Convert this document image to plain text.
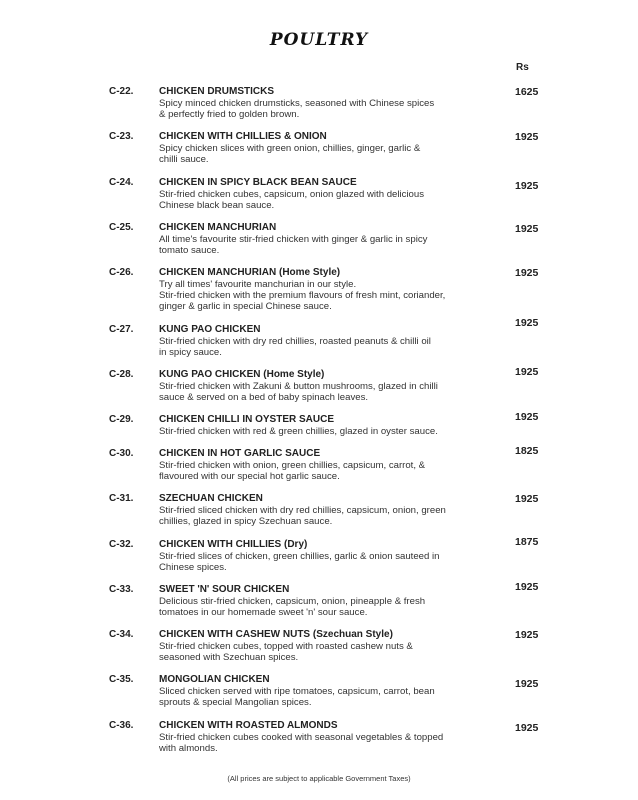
POULTRY
Rs
C-22.	CHICKEN DRUMSTICKS
Spicy minced chicken drumsticks, seasoned with Chinese spices
& perfectly fried to golden brown.
1625
C-23.	CHICKEN WITH CHILLIES & ONION
Spicy chicken slices with green onion, chillies, ginger, garlic &
chilli sauce.
1925
C-24.	CHICKEN IN SPICY BLACK BEAN SAUCE
Stir-fried chicken cubes, capsicum, onion glazed with delicious
Chinese black bean sauce.
1925
C-25.	CHICKEN MANCHURIAN
All time's favourite stir-fried chicken with ginger & garlic in spicy
tomato sauce.
1925
C-26.	CHICKEN MANCHURIAN (Home Style)
Try all times' favourite manchurian in our style.
Stir-fried chicken with the premium flavours of fresh mint, coriander,
ginger & garlic in special Chinese sauce.
1925
C-27.	KUNG PAO CHICKEN
Stir-fried chicken with dry red chillies, roasted peanuts & chilli oil
in spicy sauce.
1925
C-28.	KUNG PAO CHICKEN (Home Style)
Stir-fried chicken with Zakuni & button mushrooms, glazed in chilli
sauce & served on a bed of baby spinach leaves.
1925
C-29.	CHICKEN CHILLI IN OYSTER SAUCE
Stir-fried chicken with red & green chillies, glazed in oyster sauce.
1925
C-30.	CHICKEN IN HOT GARLIC SAUCE
Stir-fried chicken with onion, green chillies, capsicum, carrot, &
flavoured with our special hot garlic sauce.
1825
C-31.	SZECHUAN CHICKEN
Stir-fried sliced chicken with dry red chillies, capsicum, onion, green
chillies, glazed in spicy Szechuan sauce.
1925
C-32.	CHICKEN WITH CHILLIES (Dry)
Stir-fried slices of chicken, green chillies, garlic & onion sauteed in
Chinese spices.
1875
C-33.	SWEET 'N' SOUR CHICKEN
Delicious stir-fried chicken, capsicum, onion, pineapple & fresh
tomatoes in our homemade sweet 'n' sour sauce.
1925
C-34.	CHICKEN WITH CASHEW NUTS (Szechuan Style)
Stir-fried chicken cubes, topped with roasted cashew nuts &
seasoned with Szechuan spices.
1925
C-35.	MONGOLIAN CHICKEN
Sliced chicken served with ripe tomatoes, capsicum, carrot, bean
sprouts & special Mangolian spices.
1925
C-36.	CHICKEN WITH ROASTED ALMONDS
Stir-fried chicken cubes cooked with seasonal vegetables & topped
with almonds.
1925
(All prices are subject to applicable Government Taxes)
